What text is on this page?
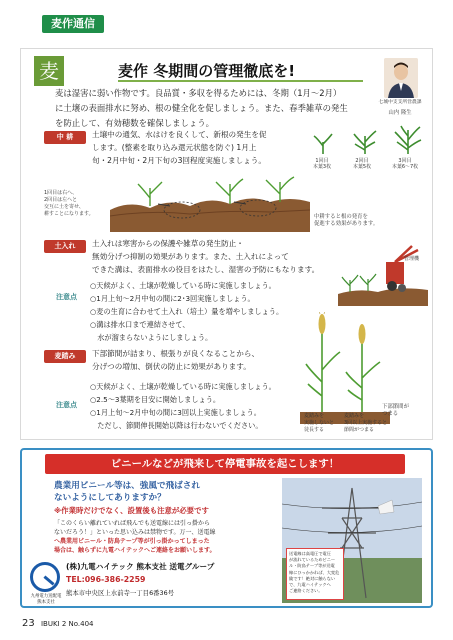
麦作通信
麦	麦作 冬期間の管理徹底を!
麦は湿害に弱い作物です。良品質・多収を得るためには、冬期（1月～2月）
に土壌の表面排水に努め、根の健全化を促しましょう。また、春季雑草の発生
を防止して、有効穂数を確保しましょう。
七城中支支所営農課
山内 隆生
中 耕	土壌中の通気、水はけを良くして、新根の発生を促
します。(整素を取り込み還元状態を防ぐ) 1月上
旬・2月中旬・2月下旬の3回程度実施しましょう。	1回目
本葉3枚
2回目
本葉5枚
3回目
本葉6～7枚
1回目は右へ、
2回目は左へと
交互に土を寄せ、
耕すことになります。	中耕すると根の発育を
促進する効果があります。
土入れ	土入れは寒害からの保護や雑草の発生防止・
無効分げつ抑制の効果があります。また、土入れによって
できた溝は、表面排水の役目をはたし、湿害の予防にもなります。
管理機
注意点
○天候がよく、土壌が乾燥している時に実施しましょう。
○1月上旬～2月中旬の間に2･3回実施しましょう。
○麦の生育に合わせて土入れ（培土）量を増やしましょう。
○溝は排水口まで連結させて、
　水が溜まらないようにしましょう。
麦踏み	下部節間が詰まり、根張りが良くなることから、
分げつの増加、倒伏の防止に効果があります。
注意点
○天候がよく、土壌が乾燥している時に実施しましょう。
○2.5～3葉期を目安に開始しましょう。
○1月上旬～2月中旬の間に3回以上実施しましょう。
　ただし、節間伸長開始以降は行わないでください。
下部節間が
つまる
麦踏みを
実施しないと
徒長する
麦踏みを
3回以上実施すると
節間がつまる
ビニールなどが飛来して停電事故を起こします！
農業用ビニール等は、強風で飛ばされ
ないようにしてありますか？
※作業時だけでなく、設置後も注意が必要です
「このくらい離れていれば飛んでも送電線には引っ掛から
ないだろう！」といった思い込みは禁物です。万一、送電線
へ農業用ビニール・防鳥テープ等が引っ掛かってしまった
場合は、触らずに九電ハイテックへご連絡をお願いします。	送電線は高電圧で電圧
が流れているためビニー
ル・防鳥テープ等が送電
線にひっかかれば、大変危
険です！絶対に触らない
で、九電ハイテックへ
ご連絡ください。
九州電力送配電
熊本支社
(株)九電ハイテック 熊本支社 送電グループ
TEL:096-386-2259
熊本市中央区上水前寺一丁目6番36号
23 IBUKI 2 No.404
